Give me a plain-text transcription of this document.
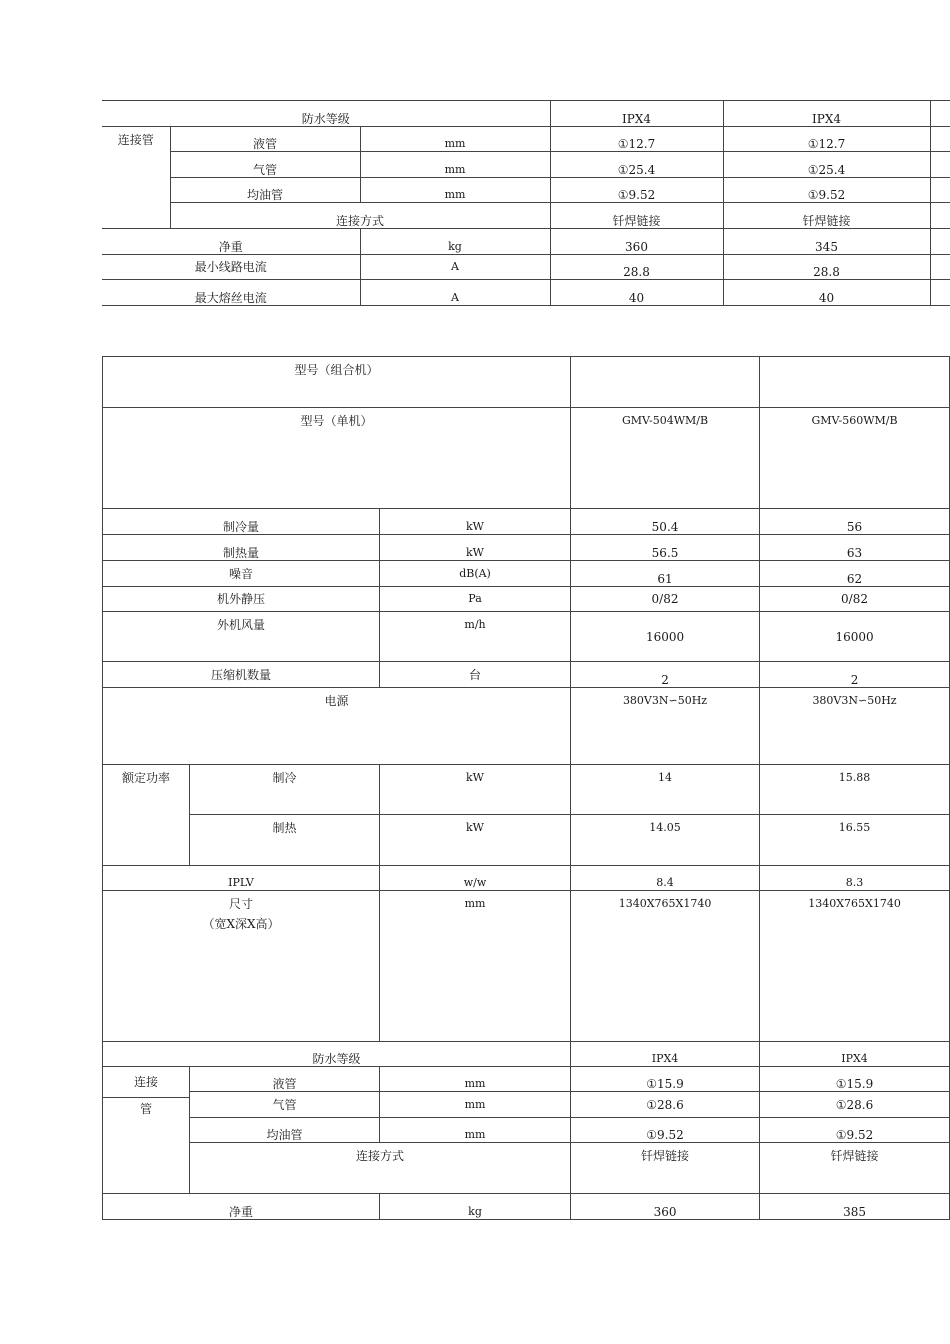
防水等级			IPX4	IPX4	
连接管	液管	mm	①12.7	①12.7	
	气管	mm	①25.4	①25.4	
	均油管	mm	①9.52	①9.52	
	连接方式		钎焊链接	钎焊链接	
净重		kg	360	345	
最小线路电流		A	28.8	28.8	
最大熔丝电流		A	40	40	
型号（组合机）					
型号（单机）			GMV-504WM/B	GMV-560WM/B	
制冷量		kW	50.4	56	
制热量		kW	56.5	63	
噪音		dB(A)	61	62	
机外静压		Pa	0/82	0/82	
外机风量		m/h	16000	16000	
压缩机数量		台	2	2	
电源			380V3N∽50Hz	380V3N∽50Hz	
额定功率	制冷	kW	14	15.88	
	制热	kW	14.05	16.55	
IPLV		w/w	8.4	8.3	

尺寸
（宽X深X高）		mm	1340X765X1740	1340X765X1740	
防水等级			IPX4	IPX4	

连接
管	液管	mm	①15.9	①15.9	
	气管	mm	①28.6	①28.6	
	均油管	mm	①9.52	①9.52	
	连接方式		钎焊链接	钎焊链接	
净重		kg	360	385	
